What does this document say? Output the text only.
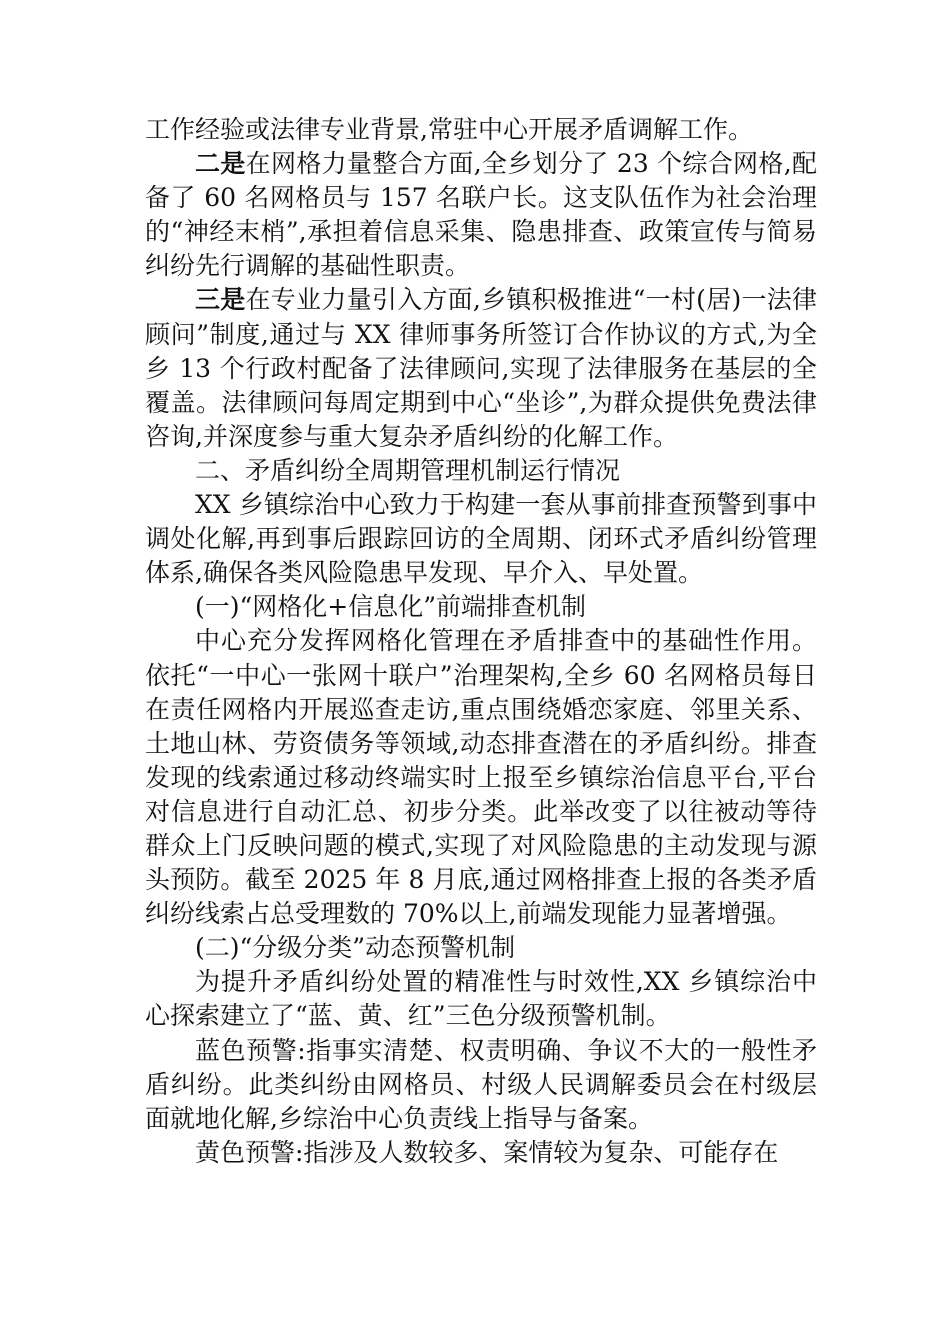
工作经验或法律专业背景,常驻中心开展矛盾调解工作。

二是在网格力量整合方面,全乡划分了 23 个综合网格,配备了 60 名网格员与 157 名联户长。这支队伍作为社会治理的“神经末梢”,承担着信息采集、隐患排查、政策宣传与简易纠纷先行调解的基础性职责。

三是在专业力量引入方面,乡镇积极推进“一村(居)一法律顾问”制度,通过与 XX 律师事务所签订合作协议的方式,为全乡 13 个行政村配备了法律顾问,实现了法律服务在基层的全覆盖。法律顾问每周定期到中心“坐诊”,为群众提供免费法律咨询,并深度参与重大复杂矛盾纠纷的化解工作。

二、矛盾纠纷全周期管理机制运行情况

XX 乡镇综治中心致力于构建一套从事前排查预警到事中调处化解,再到事后跟踪回访的全周期、闭环式矛盾纠纷管理体系,确保各类风险隐患早发现、早介入、早处置。

(一)“网格化+信息化”前端排查机制

中心充分发挥网格化管理在矛盾排查中的基础性作用。依托“一中心一张网十联户”治理架构,全乡 60 名网格员每日在责任网格内开展巡查走访,重点围绕婚恋家庭、邻里关系、土地山林、劳资债务等领域,动态排查潜在的矛盾纠纷。排查发现的线索通过移动终端实时上报至乡镇综治信息平台,平台对信息进行自动汇总、初步分类。此举改变了以往被动等待群众上门反映问题的模式,实现了对风险隐患的主动发现与源头预防。截至 2025 年 8 月底,通过网格排查上报的各类矛盾纠纷线索占总受理数的 70%以上,前端发现能力显著增强。

(二)“分级分类”动态预警机制

为提升矛盾纠纷处置的精准性与时效性,XX 乡镇综治中心探索建立了“蓝、黄、红”三色分级预警机制。

蓝色预警:指事实清楚、权责明确、争议不大的一般性矛盾纠纷。此类纠纷由网格员、村级人民调解委员会在村级层面就地化解,乡综治中心负责线上指导与备案。

黄色预警:指涉及人数较多、案情较为复杂、可能存在
